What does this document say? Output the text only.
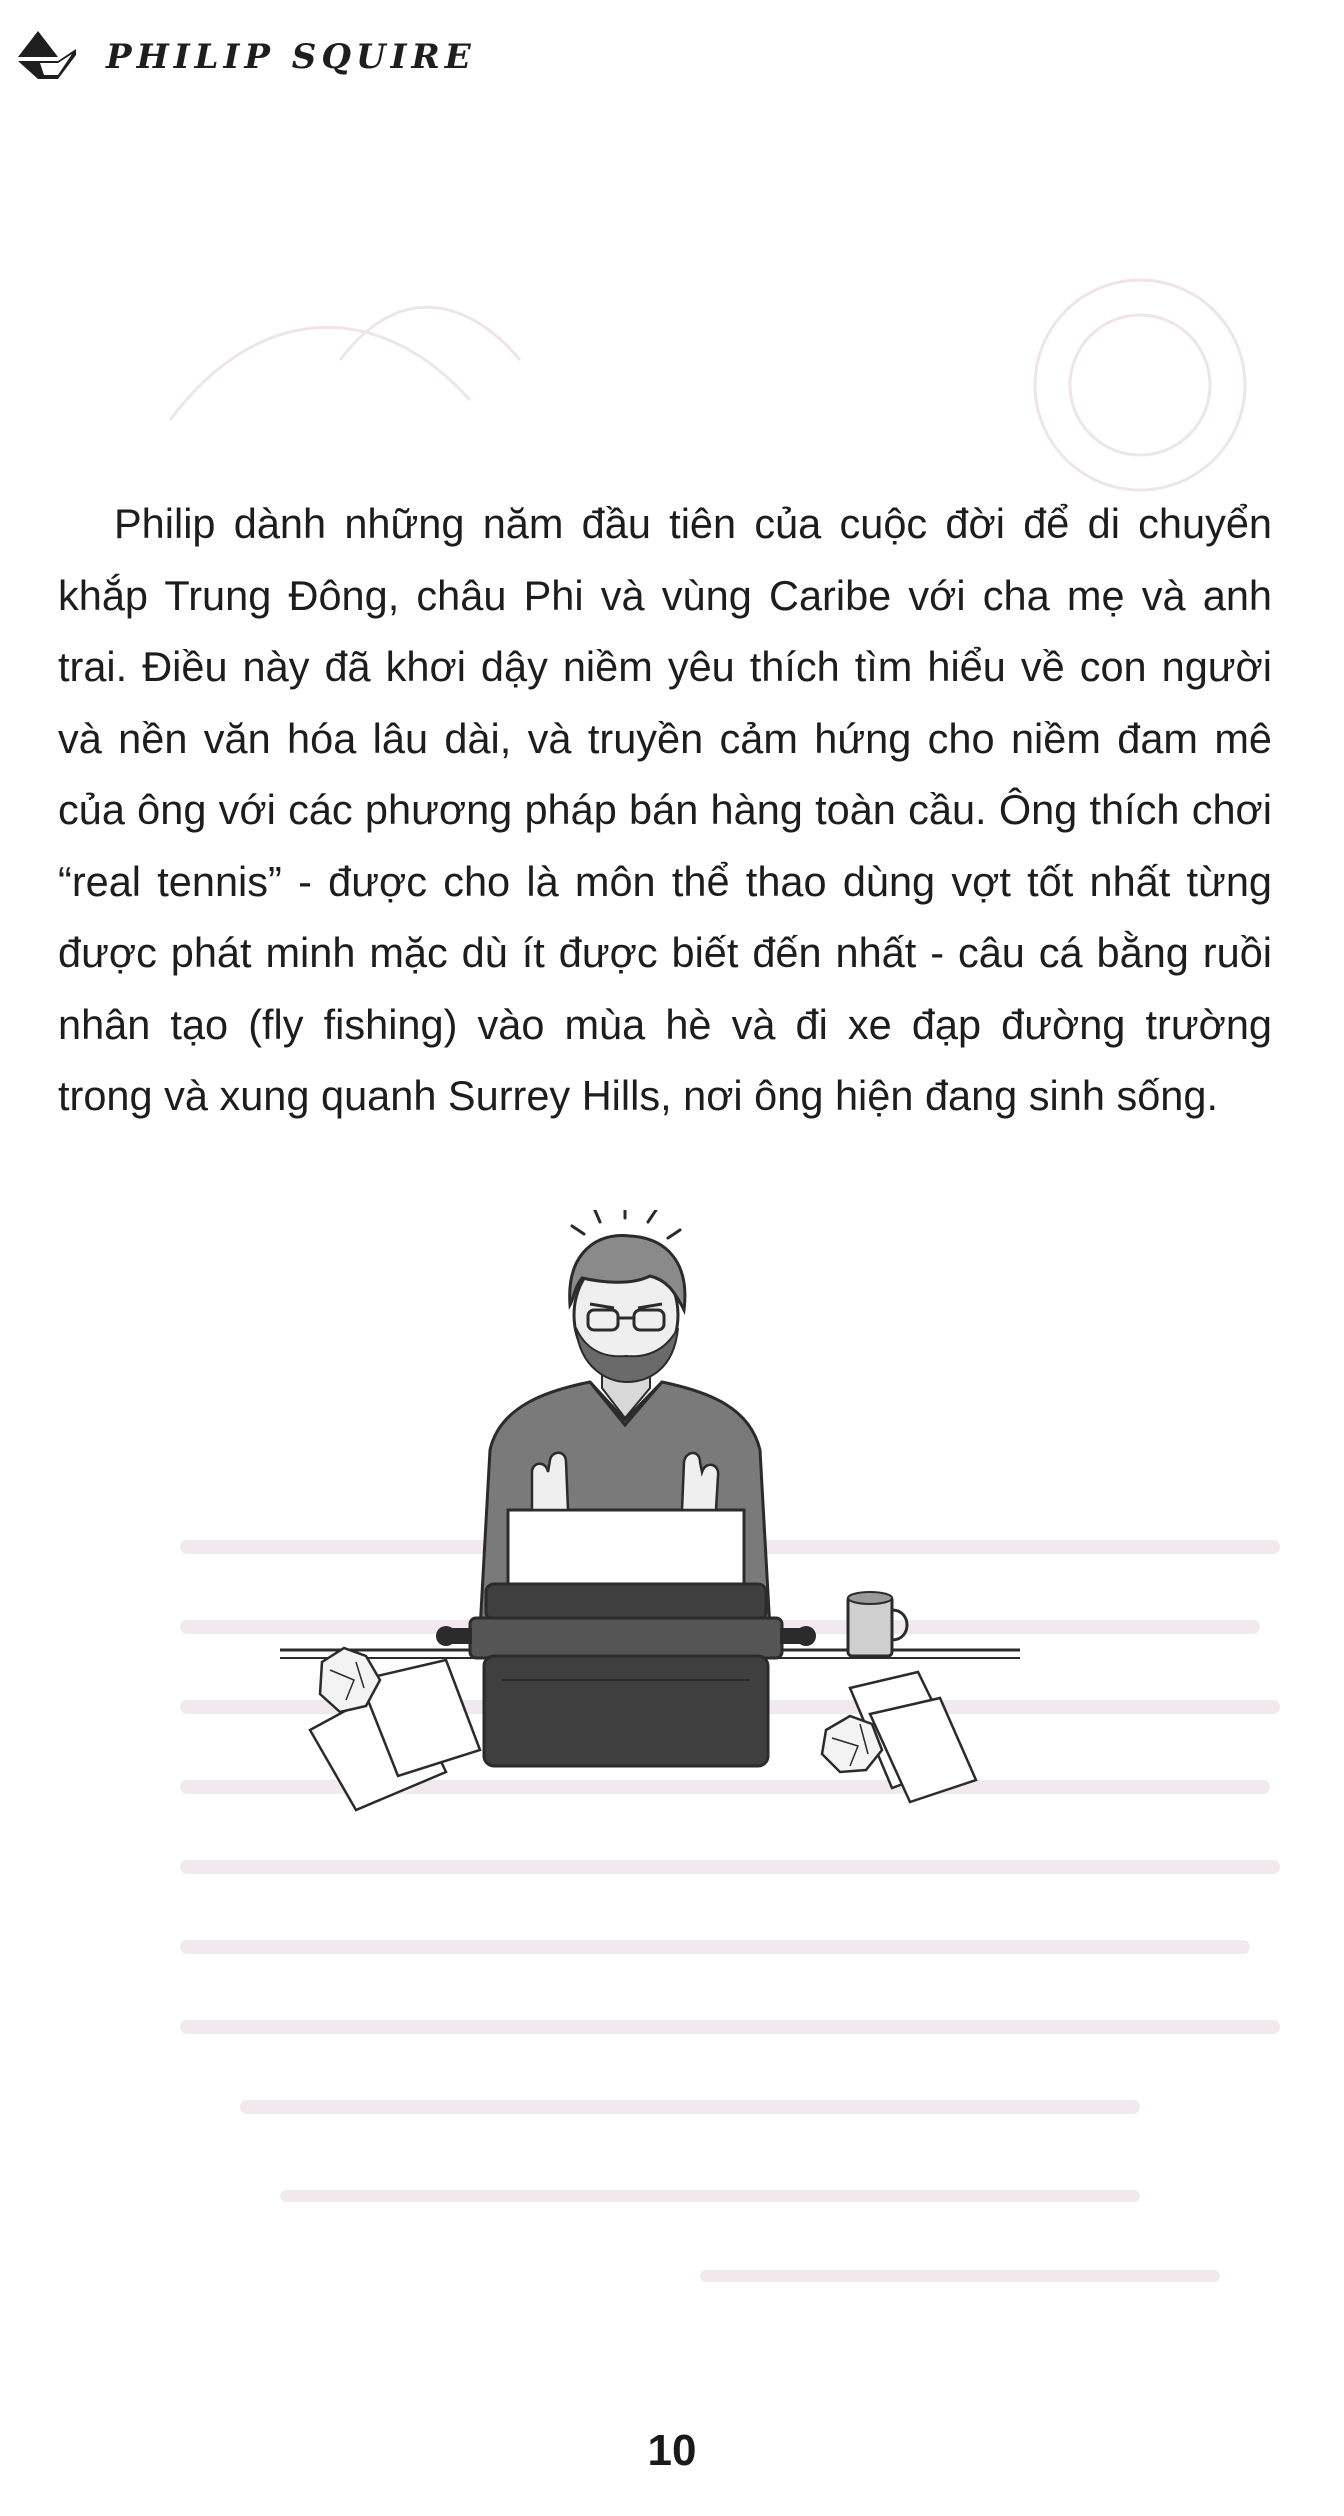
PHILIP SQUIRE

Philip dành những năm đầu tiên của cuộc đời để di chuyển khắp Trung Đông, châu Phi và vùng Caribe với cha mẹ và anh trai. Điều này đã khơi dậy niềm yêu thích tìm hiểu về con người và nền văn hóa lâu dài, và truyền cảm hứng cho niềm đam mê của ông với các phương pháp bán hàng toàn cầu. Ông thích chơi “real tennis” - được cho là môn thể thao dùng vợt tốt nhất từng được phát minh mặc dù ít được biết đến nhất - câu cá bằng ruồi nhân tạo (fly fishing) vào mùa hè và đi xe đạp đường trường trong và xung quanh Surrey Hills, nơi ông hiện đang sinh sống.

10
